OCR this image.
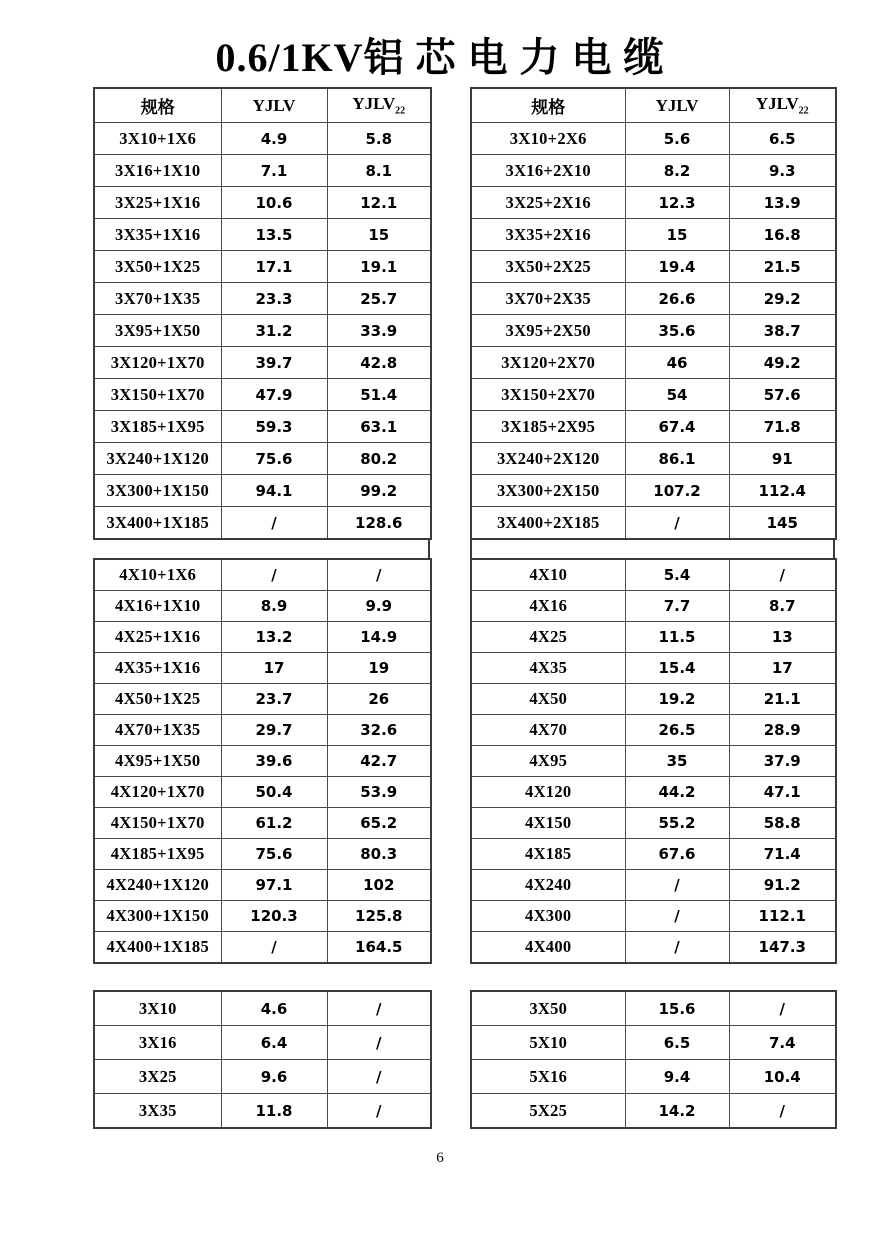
0.6/1KV铝 芯 电 力 电 缆
规格	YJLV	$YJLV_{22}$
3X10+1X6	4.9	5.8
3X16+1X10	7.1	8.1
3X25+1X16	10.6	12.1
3X35+1X16	13.5	15
3X50+1X25	17.1	19.1
3X70+1X35	23.3	25.7
3X95+1X50	31.2	33.9
3X120+1X70	39.7	42.8
3X150+1X70	47.9	51.4
3X185+1X95	59.3	63.1
3X240+1X120	75.6	80.2
3X300+1X150	94.1	99.2
3X400+1X185	/	128.6
4X10+1X6	/	/
4X16+1X10	8.9	9.9
4X25+1X16	13.2	14.9
4X35+1X16	17	19
4X50+1X25	23.7	26
4X70+1X35	29.7	32.6
4X95+1X50	39.6	42.7
4X120+1X70	50.4	53.9
4X150+1X70	61.2	65.2
4X185+1X95	75.6	80.3
4X240+1X120	97.1	102
4X300+1X150	120.3	125.8
4X400+1X185	/	164.5
3X10	4.6	/
3X16	6.4	/
3X25	9.6	/
3X35	11.8	/
规格	YJLV	$YJLV_{22}$
3X10+2X6	5.6	6.5
3X16+2X10	8.2	9.3
3X25+2X16	12.3	13.9
3X35+2X16	15	16.8
3X50+2X25	19.4	21.5
3X70+2X35	26.6	29.2
3X95+2X50	35.6	38.7
3X120+2X70	46	49.2
3X150+2X70	54	57.6
3X185+2X95	67.4	71.8
3X240+2X120	86.1	91
3X300+2X150	107.2	112.4
3X400+2X185	/	145
4X10	5.4	/
4X16	7.7	8.7
4X25	11.5	13
4X35	15.4	17
4X50	19.2	21.1
4X70	26.5	28.9
4X95	35	37.9
4X120	44.2	47.1
4X150	55.2	58.8
4X185	67.6	71.4
4X240	/	91.2
4X300	/	112.1
4X400	/	147.3
3X50	15.6	/
5X10	6.5	7.4
5X16	9.4	10.4
5X25	14.2	/
6
